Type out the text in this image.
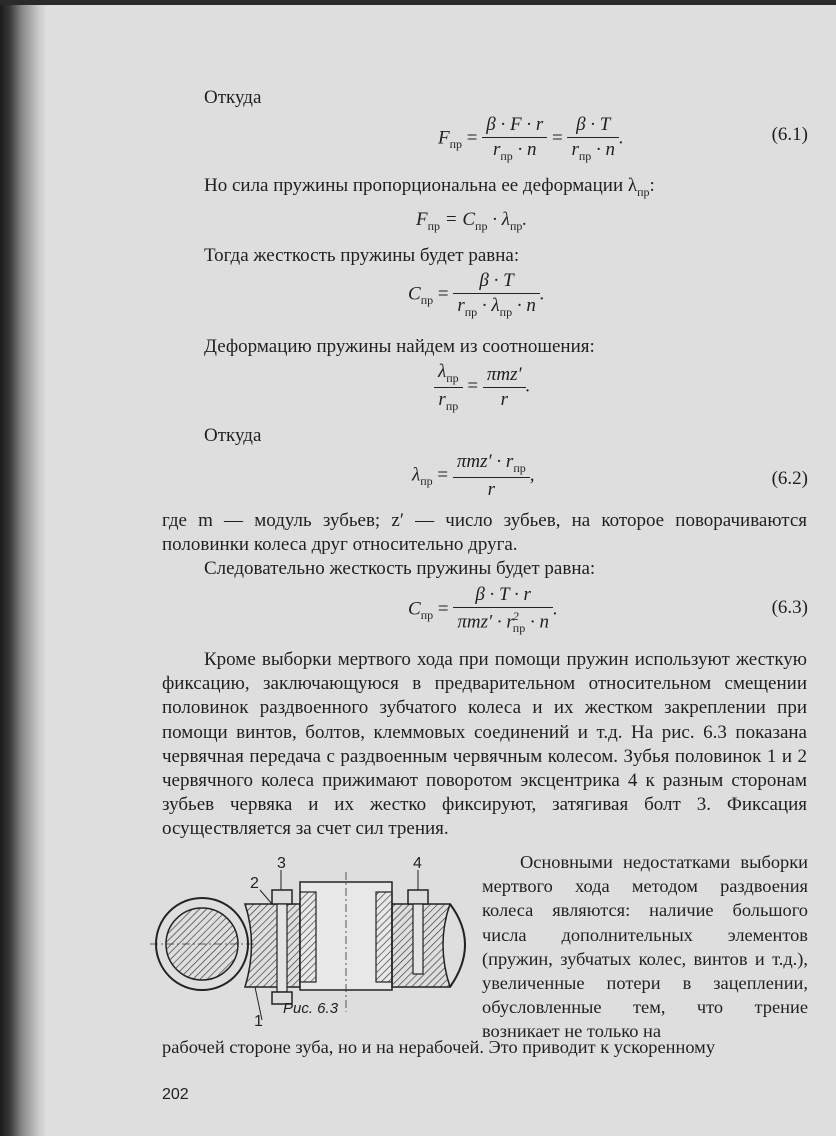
Откуда
$F_{пр} = \frac{\beta \cdot F \cdot r}{r_{пр} \cdot n} = \frac{\beta \cdot T}{r_{пр} \cdot n}$ .	(6.1)
Но сила пружины пропорциональна ее деформации $\lambda_{пр}$:
$F_{пр} = C_{пр} \cdot \lambda_{пр}$.
Тогда жесткость пружины будет равна:
$C_{пр} = \frac{\beta \cdot T}{r_{пр} \cdot \lambda_{пр} \cdot n}$ .
Деформацию пружины найдем из соотношения:
$\frac{\lambda_{пр}}{r_{пр}} = \frac{\text{πmz′}}{r}$ .
Откуда
$\lambda_{пр} = \frac{\pi mz' \cdot r_{пр}}{r}$ ,	(6.2)
где m — модуль зубьев; z′ — число зубьев, на которое поворачиваются половинки колеса друг относительно друга.
Следовательно жесткость пружины будет равна:
$C_{пр} = \frac{\beta \cdot T \cdot r}{\pi mz' \cdot r^2_{пр} \cdot n}$ .	(6.3)
Кроме выборки мертвого хода при помощи пружин используют жесткую фиксацию, заключающуюся в предварительном относительном смещении половинок раздвоенного зубчатого колеса и их жестком закреплении при помощи винтов, болтов, клеммовых соединений и т.д. На рис. 6.3 показана червячная передача с раздвоенным червячным колесом. Зубья половинок 1 и 2 червячного колеса прижимают поворотом эксцентрика 4 к разным сторонам зубьев червяка и их жестко фиксируют, затягивая болт 3. Фиксация осуществляется за счет сил трения.
3	4
2
1
Рис. 6.3
Основными недостатками выборки мертвого хода методом раздвоения колеса являются: наличие большого числа дополнительных элементов (пружин, зубчатых колес, винтов и т.д.), увеличенные потери в зацеплении, обусловленные тем, что трение возникает не только на
рабочей стороне зуба, но и на нерабочей. Это приводит к ускоренному
202
